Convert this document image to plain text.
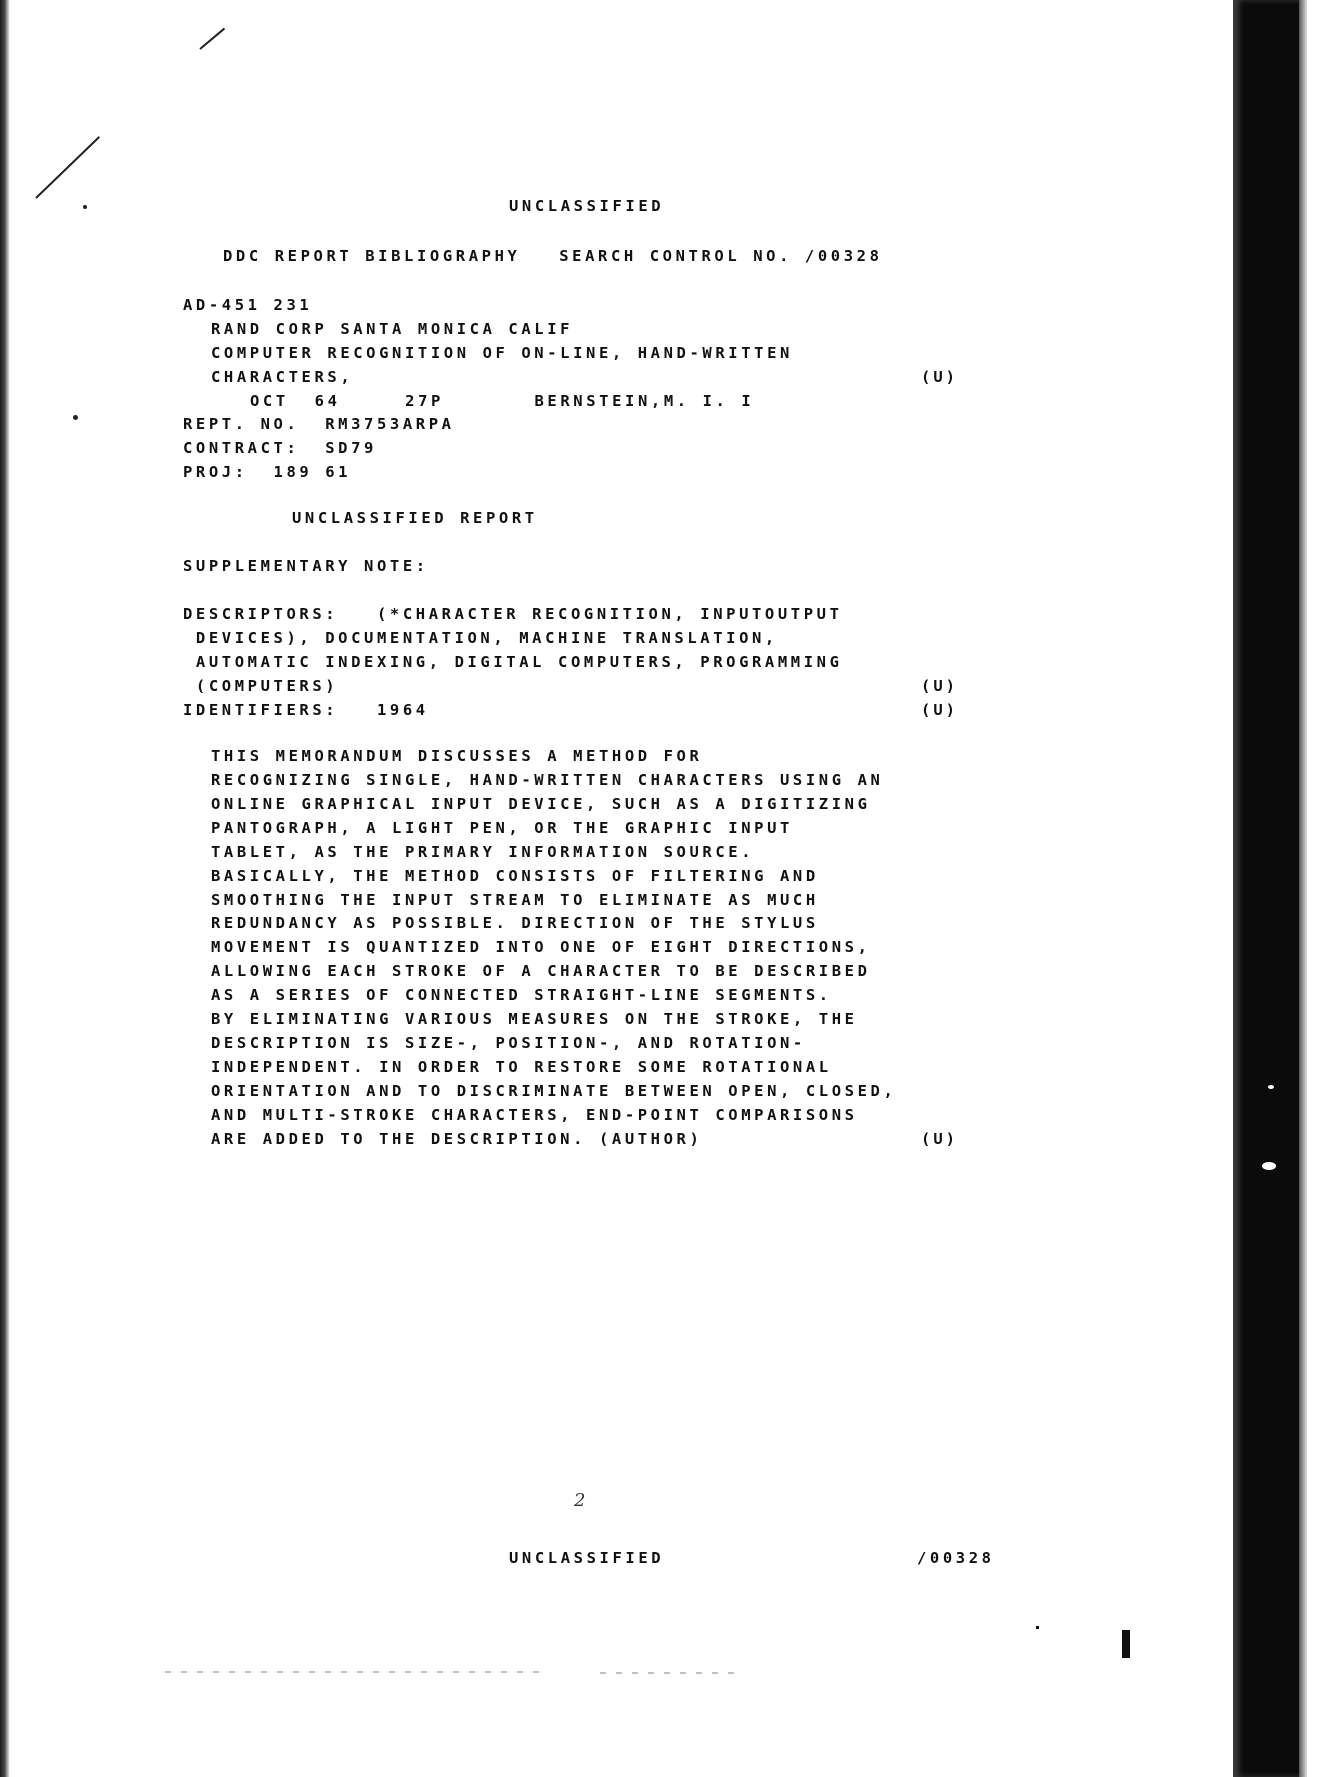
UNCLASSIFIED
DDC REPORT BIBLIOGRAPHY   SEARCH CONTROL NO. /00328
AD-451 231
RAND CORP SANTA MONICA CALIF
COMPUTER RECOGNITION OF ON-LINE, HAND-WRITTEN
CHARACTERS,	(U)
OCT  64     27P       BERNSTEIN,M. I. I
REPT. NO.  RM3753ARPA
CONTRACT:  SD79
PROJ:  189 61
UNCLASSIFIED REPORT
SUPPLEMENTARY NOTE:
DESCRIPTORS:   (*CHARACTER RECOGNITION, INPUTOUTPUT
DEVICES), DOCUMENTATION, MACHINE TRANSLATION,
AUTOMATIC INDEXING, DIGITAL COMPUTERS, PROGRAMMING
(COMPUTERS)	(U)
IDENTIFIERS:   1964	(U)
THIS MEMORANDUM DISCUSSES A METHOD FOR
RECOGNIZING SINGLE, HAND-WRITTEN CHARACTERS USING AN
ONLINE GRAPHICAL INPUT DEVICE, SUCH AS A DIGITIZING
PANTOGRAPH, A LIGHT PEN, OR THE GRAPHIC INPUT
TABLET, AS THE PRIMARY INFORMATION SOURCE.
BASICALLY, THE METHOD CONSISTS OF FILTERING AND
SMOOTHING THE INPUT STREAM TO ELIMINATE AS MUCH
REDUNDANCY AS POSSIBLE. DIRECTION OF THE STYLUS
MOVEMENT IS QUANTIZED INTO ONE OF EIGHT DIRECTIONS,
ALLOWING EACH STROKE OF A CHARACTER TO BE DESCRIBED
AS A SERIES OF CONNECTED STRAIGHT-LINE SEGMENTS.
BY ELIMINATING VARIOUS MEASURES ON THE STROKE, THE
DESCRIPTION IS SIZE-, POSITION-, AND ROTATION-
INDEPENDENT. IN ORDER TO RESTORE SOME ROTATIONAL
ORIENTATION AND TO DISCRIMINATE BETWEEN OPEN, CLOSED,
AND MULTI-STROKE CHARACTERS, END-POINT COMPARISONS
ARE ADDED TO THE DESCRIPTION. (AUTHOR)	(U)
2
UNCLASSIFIED	/00328
